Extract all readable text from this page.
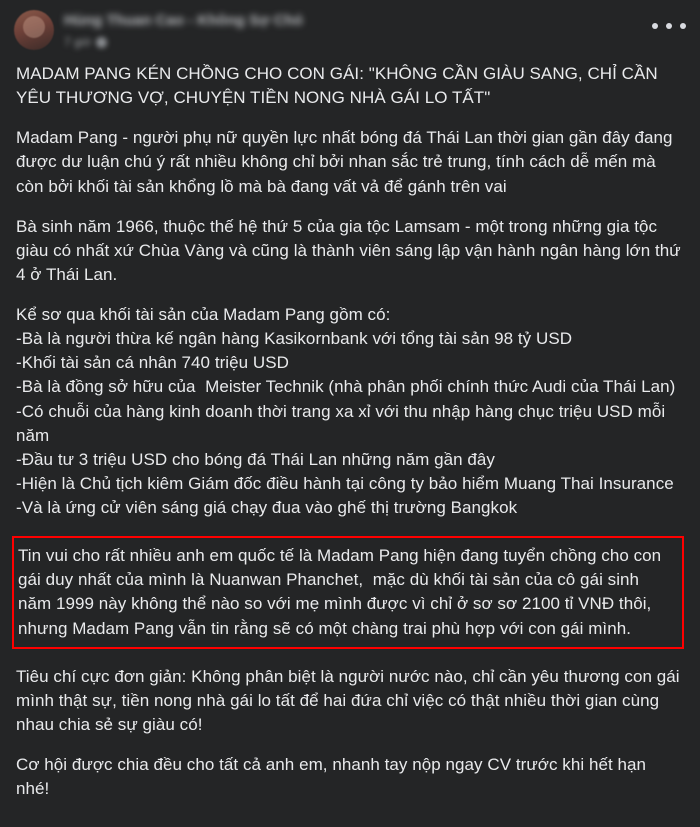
Hùng Thuan Cao - Không Sợ Chó
7 giờ
MADAM PANG KÉN CHỒNG CHO CON GÁI: "KHÔNG CẦN GIÀU SANG, CHỈ CẦN YÊU THƯƠNG VỢ, CHUYỆN TIỀN NONG NHÀ GÁI LO TẤT"
Madam Pang - người phụ nữ quyền lực nhất bóng đá Thái Lan thời gian gần đây đang được dư luận chú ý rất nhiều không chỉ bởi nhan sắc trẻ trung, tính cách dễ mến mà còn bởi khối tài sản khổng lồ mà bà đang vất vả để gánh trên vai
Bà sinh năm 1966, thuộc thế hệ thứ 5 của gia tộc Lamsam - một trong những gia tộc giàu có nhất xứ Chùa Vàng và cũng là thành viên sáng lập vận hành ngân hàng lớn thứ 4 ở Thái Lan.
Kể sơ qua khối tài sản của Madam Pang gồm có:
-Bà là người thừa kế ngân hàng Kasikornbank với tổng tài sản 98 tỷ USD
-Khối tài sản cá nhân 740 triệu USD
-Bà là đồng sở hữu của  Meister Technik (nhà phân phối chính thức Audi của Thái Lan)
-Có chuỗi của hàng kinh doanh thời trang xa xỉ với thu nhập hàng chục triệu USD mỗi năm
-Đầu tư 3 triệu USD cho bóng đá Thái Lan những năm gần đây
-Hiện là Chủ tịch kiêm Giám đốc điều hành tại công ty bảo hiểm Muang Thai Insurance
-Và là ứng cử viên sáng giá chạy đua vào ghế thị trường Bangkok
Tin vui cho rất nhiều anh em quốc tế là Madam Pang hiện đang tuyển chồng cho con gái duy nhất của mình là Nuanwan Phanchet,  mặc dù khối tài sản của cô gái sinh năm 1999 này không thể nào so với mẹ mình được vì chỉ ở sơ sơ 2100 tỉ VNĐ thôi, nhưng Madam Pang vẫn tin rằng sẽ có một chàng trai phù hợp với con gái mình.
Tiêu chí cực đơn giản: Không phân biệt là người nước nào, chỉ cần yêu thương con gái mình thật sự, tiền nong nhà gái lo tất để hai đứa chỉ việc có thật nhiều thời gian cùng nhau chia sẻ sự giàu có!
Cơ hội được chia đều cho tất cả anh em, nhanh tay nộp ngay CV trước khi hết hạn nhé!
